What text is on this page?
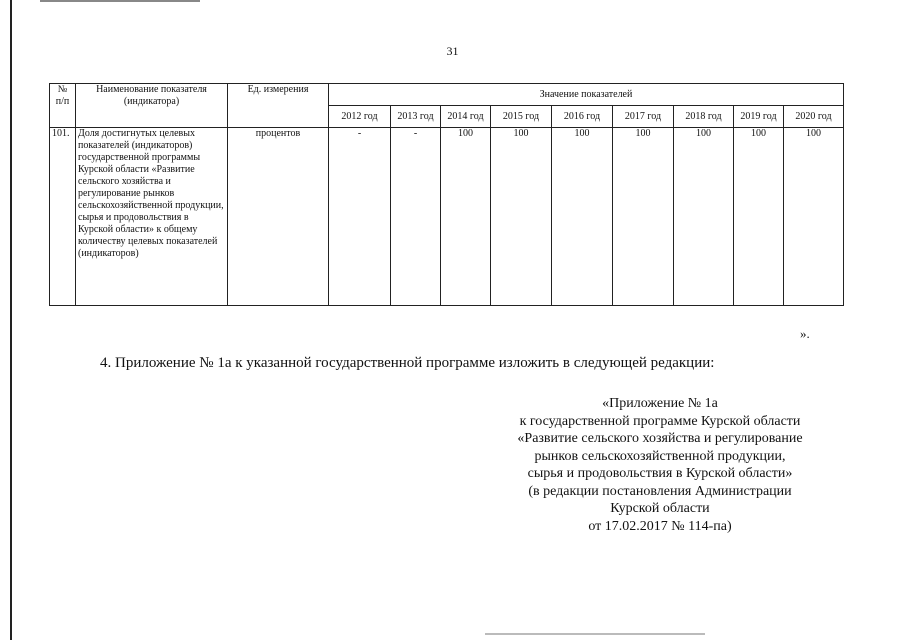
31
№
п/п	Наименование показателя (индикатора)	Ед. измерения	Значение показателей								
			2012 год	2013 год	2014 год	2015 год	2016 год	2017 год	2018 год	2019 год	2020 год
101.	Доля достигнутых целевых показателей (индикаторов) государственной программы Курской области «Развитие сельского хозяйства и регулирование рынков сельскохозяйственной продукции, сырья и продовольствия в Курской области» к общему количеству целевых показателей (индикаторов)	процентов	-	-	100	100	100	100	100	100	100
».
4. Приложение № 1а к указанной государственной программе изложить в следующей редакции:
«Приложение № 1а
к государственной программе Курской области
«Развитие сельского хозяйства и регулирование
рынков сельскохозяйственной продукции,
сырья и продовольствия в Курской области»
(в редакции постановления Администрации
Курской области
от 17.02.2017 № 114-па)
